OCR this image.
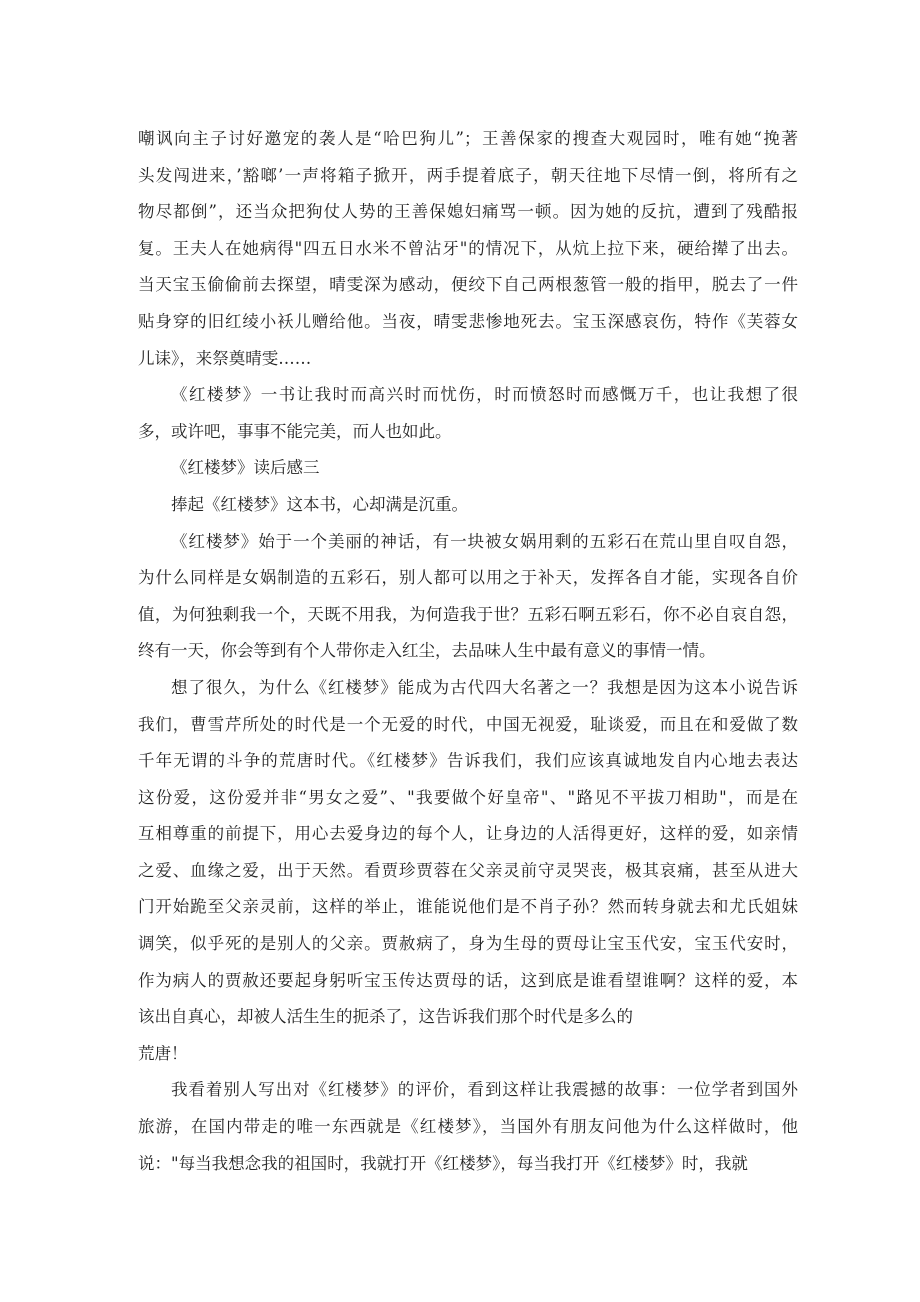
嘲讽向主子讨好邀宠的袭人是“哈巴狗儿”；王善保家的搜查大观园时，唯有她“挽著
头发闯进来，’豁啷’一声将箱子掀开，两手提着底子，朝天往地下尽情一倒，将所有之
物尽都倒”，还当众把狗仗人势的王善保媳妇痛骂一顿。因为她的反抗，遭到了残酷报
复。王夫人在她病得"四五日水米不曾沾牙"的情况下，从炕上拉下来，硬给撵了出去。
当天宝玉偷偷前去探望，晴雯深为感动，便绞下自己两根葱管一般的指甲，脱去了一件
贴身穿的旧红绫小袄儿赠给他。当夜，晴雯悲惨地死去。宝玉深感哀伤，特作《芙蓉女
儿诔》，来祭奠晴雯……

《红楼梦》一书让我时而高兴时而忧伤，时而愤怒时而感慨万千，也让我想了很
多，或许吧，事事不能完美，而人也如此。

《红楼梦》读后感三

捧起《红楼梦》这本书，心却满是沉重。

《红楼梦》始于一个美丽的神话，有一块被女娲用剩的五彩石在荒山里自叹自怨，
为什么同样是女娲制造的五彩石，别人都可以用之于补天，发挥各自才能，实现各自价
值，为何独剩我一个，天既不用我，为何造我于世？五彩石啊五彩石，你不必自哀自怨，
终有一天，你会等到有个人带你走入红尘，去品味人生中最有意义的事情一情。

想了很久，为什么《红楼梦》能成为古代四大名著之一？我想是因为这本小说告诉
我们，曹雪芹所处的时代是一个无爱的时代，中国无视爱，耻谈爱，而且在和爱做了数
千年无谓的斗争的荒唐时代。《红楼梦》告诉我们，我们应该真诚地发自内心地去表达
这份爱，这份爱并非“男女之爱”、"我要做个好皇帝"、"路见不平拔刀相助"，而是在
互相尊重的前提下，用心去爱身边的每个人，让身边的人活得更好，这样的爱，如亲情
之爱、血缘之爱，出于天然。看贾珍贾蓉在父亲灵前守灵哭丧，极其哀痛，甚至从进大
门开始跪至父亲灵前，这样的举止，谁能说他们是不肖子孙？然而转身就去和尤氏姐妹
调笑，似乎死的是别人的父亲。贾赦病了，身为生母的贾母让宝玉代安，宝玉代安时，
作为病人的贾赦还要起身躬听宝玉传达贾母的话，这到底是谁看望谁啊？这样的爱，本
该出自真心，却被人活生生的扼杀了，这告诉我们那个时代是多么的

荒唐！

我看着别人写出对《红楼梦》的评价，看到这样让我震撼的故事：一位学者到国外
旅游，在国内带走的唯一东西就是《红楼梦》，当国外有朋友问他为什么这样做时，他
说："每当我想念我的祖国时，我就打开《红楼梦》，每当我打开《红楼梦》时，我就
